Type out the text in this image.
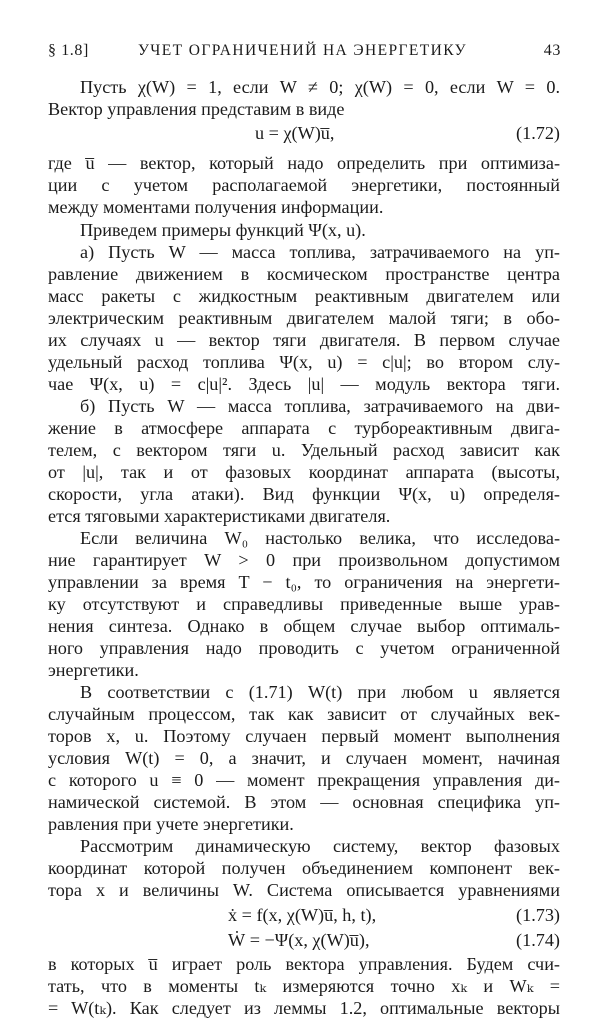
§ 1.8]	УЧЕТ ОГРАНИЧЕНИЙ НА ЭНЕРГЕТИКУ	43
Пусть χ(W) = 1, если W ≠ 0; χ(W) = 0, если W = 0.
Вектор управления представим в виде
u = χ(W)u̅,	(1.72)
где u̅ — вектор, который надо определить при оптимиза-
ции с учетом располагаемой энергетики, постоянный
между моментами получения информации.
Приведем примеры функций Ψ(x, u).
а) Пусть W — масса топлива, затрачиваемого на уп-
равление движением в космическом пространстве центра
масс ракеты с жидкостным реактивным двигателем или
электрическим реактивным двигателем малой тяги; в обо-
их случаях u — вектор тяги двигателя. В первом случае
удельный расход топлива Ψ(x, u) = c|u|; во втором слу-
чае Ψ(x, u) = c|u|². Здесь |u| — модуль вектора тяги.
б) Пусть W — масса топлива, затрачиваемого на дви-
жение в атмосфере аппарата с турбореактивным двига-
телем, с вектором тяги u. Удельный расход зависит как
от |u|, так и от фазовых координат аппарата (высоты,
скорости, угла атаки). Вид функции Ψ(x, u) определя-
ется тяговыми характеристиками двигателя.
Если величина W₀ настолько велика, что исследова-
ние гарантирует W > 0 при произвольном допустимом
управлении за время T − t₀, то ограничения на энергети-
ку отсутствуют и справедливы приведенные выше урав-
нения синтеза. Однако в общем случае выбор оптималь-
ного управления надо проводить с учетом ограниченной
энергетики.
В соответствии с (1.71) W(t) при любом u является
случайным процессом, так как зависит от случайных век-
торов x, u. Поэтому случаен первый момент выполнения
условия W(t) = 0, а значит, и случаен момент, начиная
с которого u ≡ 0 — момент прекращения управления ди-
намической системой. В этом — основная специфика уп-
равления при учете энергетики.
Рассмотрим динамическую систему, вектор фазовых
координат которой получен объединением компонент век-
тора x и величины W. Система описывается уравнениями
ẋ = f(x, χ(W)u̅, h, t),	(1.73)
Ẇ = −Ψ(x, χ(W)u̅),	(1.74)
в которых u̅ играет роль вектора управления. Будем счи-
тать, что в моменты tₖ измеряются точно xₖ и Wₖ =
= W(tₖ). Как следует из леммы 1.2, оптимальные векторы
